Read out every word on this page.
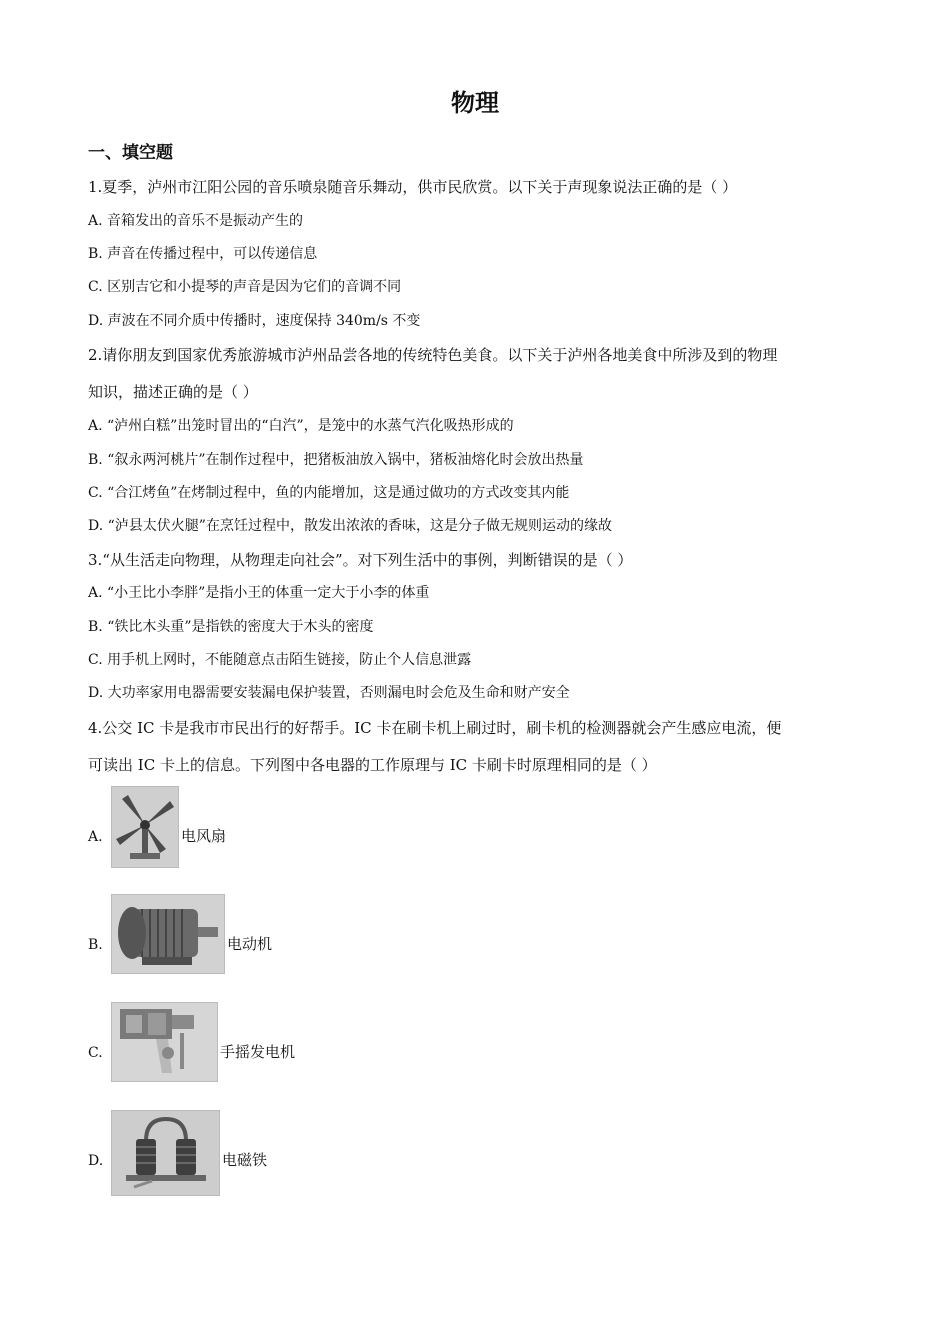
物理
一、填空题
1.夏季，泸州市江阳公园的音乐喷泉随音乐舞动，供市民欣赏。以下关于声现象说法正确的是（ ）
A. 音箱发出的音乐不是振动产生的
B. 声音在传播过程中，可以传递信息
C. 区别吉它和小提琴的声音是因为它们的音调不同
D. 声波在不同介质中传播时，速度保持 340m/s 不变
2.请你朋友到国家优秀旅游城市泸州品尝各地的传统特色美食。以下关于泸州各地美食中所涉及到的物理
知识，描述正确的是（ ）
A. “泸州白糕”出笼时冒出的“白汽”，是笼中的水蒸气汽化吸热形成的
B. “叙永两河桃片”在制作过程中，把猪板油放入锅中，猪板油熔化时会放出热量
C. “合江烤鱼”在烤制过程中，鱼的内能增加，这是通过做功的方式改变其内能
D. “泸县太伏火腿”在烹饪过程中，散发出浓浓的香味，这是分子做无规则运动的缘故
3.“从生活走向物理，从物理走向社会”。对下列生活中的事例，判断错误的是（ ）
A. “小王比小李胖”是指小王的体重一定大于小李的体重
B. “铁比木头重”是指铁的密度大于木头的密度
C. 用手机上网时，不能随意点击陌生链接，防止个人信息泄露
D. 大功率家用电器需要安装漏电保护装置，否则漏电时会危及生命和财产安全
4.公交 IC 卡是我市市民出行的好帮手。IC 卡在刷卡机上刷过时，刷卡机的检测器就会产生感应电流，便
可读出 IC 卡上的信息。下列图中各电器的工作原理与 IC 卡刷卡时原理相同的是（ ）
A.	电风扇
B.	电动机
C.	手摇发电机
D.	电磁铁
